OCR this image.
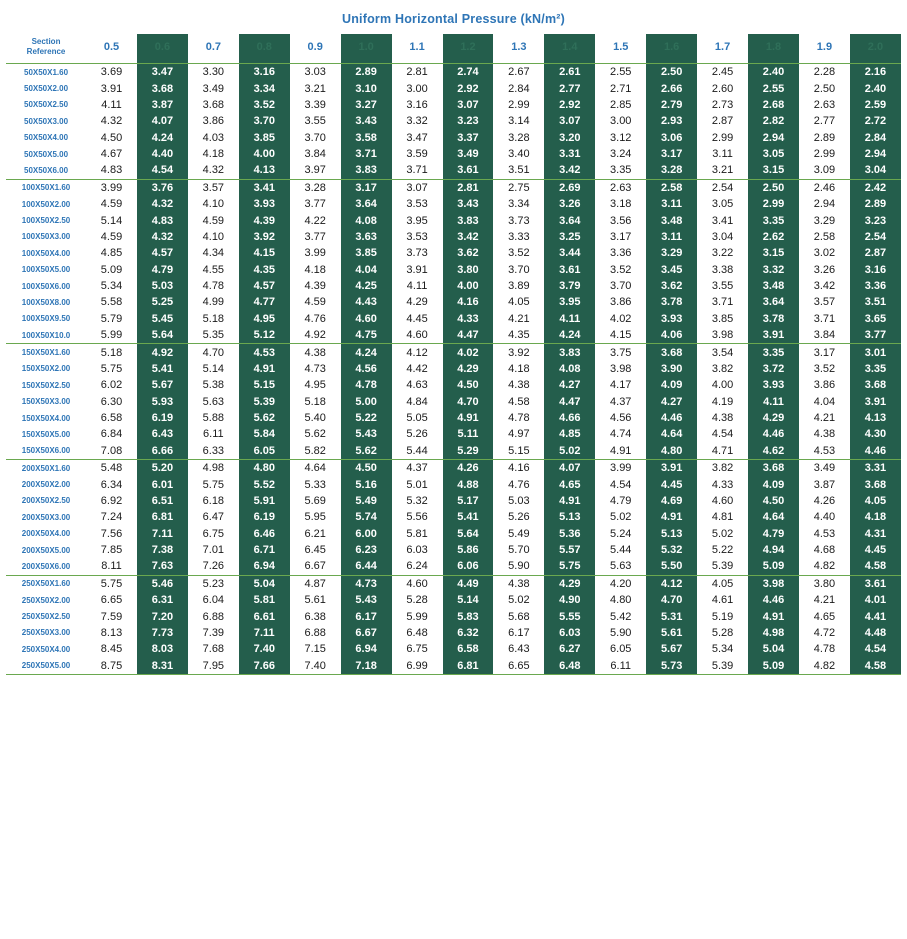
Uniform Horizontal Pressure (kN/m²)																

Section
Reference	0.5	0.6	0.7	0.8	0.9	1.0	1.1	1.2	1.3	1.4	1.5	1.6	1.7	1.8	1.9	2.0
50X50X1.60	3.69	3.47	3.30	3.16	3.03	2.89	2.81	2.74	2.67	2.61	2.55	2.50	2.45	2.40	2.28	2.16
50X50X2.00	3.91	3.68	3.49	3.34	3.21	3.10	3.00	2.92	2.84	2.77	2.71	2.66	2.60	2.55	2.50	2.40
50X50X2.50	4.11	3.87	3.68	3.52	3.39	3.27	3.16	3.07	2.99	2.92	2.85	2.79	2.73	2.68	2.63	2.59
50X50X3.00	4.32	4.07	3.86	3.70	3.55	3.43	3.32	3.23	3.14	3.07	3.00	2.93	2.87	2.82	2.77	2.72
50X50X4.00	4.50	4.24	4.03	3.85	3.70	3.58	3.47	3.37	3.28	3.20	3.12	3.06	2.99	2.94	2.89	2.84
50X50X5.00	4.67	4.40	4.18	4.00	3.84	3.71	3.59	3.49	3.40	3.31	3.24	3.17	3.11	3.05	2.99	2.94
50X50X6.00	4.83	4.54	4.32	4.13	3.97	3.83	3.71	3.61	3.51	3.42	3.35	3.28	3.21	3.15	3.09	3.04
100X50X1.60	3.99	3.76	3.57	3.41	3.28	3.17	3.07	2.81	2.75	2.69	2.63	2.58	2.54	2.50	2.46	2.42
100X50X2.00	4.59	4.32	4.10	3.93	3.77	3.64	3.53	3.43	3.34	3.26	3.18	3.11	3.05	2.99	2.94	2.89
100X50X2.50	5.14	4.83	4.59	4.39	4.22	4.08	3.95	3.83	3.73	3.64	3.56	3.48	3.41	3.35	3.29	3.23
100X50X3.00	4.59	4.32	4.10	3.92	3.77	3.63	3.53	3.42	3.33	3.25	3.17	3.11	3.04	2.62	2.58	2.54
100X50X4.00	4.85	4.57	4.34	4.15	3.99	3.85	3.73	3.62	3.52	3.44	3.36	3.29	3.22	3.15	3.02	2.87
100X50X5.00	5.09	4.79	4.55	4.35	4.18	4.04	3.91	3.80	3.70	3.61	3.52	3.45	3.38	3.32	3.26	3.16
100X50X6.00	5.34	5.03	4.78	4.57	4.39	4.25	4.11	4.00	3.89	3.79	3.70	3.62	3.55	3.48	3.42	3.36
100X50X8.00	5.58	5.25	4.99	4.77	4.59	4.43	4.29	4.16	4.05	3.95	3.86	3.78	3.71	3.64	3.57	3.51
100X50X9.50	5.79	5.45	5.18	4.95	4.76	4.60	4.45	4.33	4.21	4.11	4.02	3.93	3.85	3.78	3.71	3.65
100X50X10.0	5.99	5.64	5.35	5.12	4.92	4.75	4.60	4.47	4.35	4.24	4.15	4.06	3.98	3.91	3.84	3.77
150X50X1.60	5.18	4.92	4.70	4.53	4.38	4.24	4.12	4.02	3.92	3.83	3.75	3.68	3.54	3.35	3.17	3.01
150X50X2.00	5.75	5.41	5.14	4.91	4.73	4.56	4.42	4.29	4.18	4.08	3.98	3.90	3.82	3.72	3.52	3.35
150X50X2.50	6.02	5.67	5.38	5.15	4.95	4.78	4.63	4.50	4.38	4.27	4.17	4.09	4.00	3.93	3.86	3.68
150X50X3.00	6.30	5.93	5.63	5.39	5.18	5.00	4.84	4.70	4.58	4.47	4.37	4.27	4.19	4.11	4.04	3.91
150X50X4.00	6.58	6.19	5.88	5.62	5.40	5.22	5.05	4.91	4.78	4.66	4.56	4.46	4.38	4.29	4.21	4.13
150X50X5.00	6.84	6.43	6.11	5.84	5.62	5.43	5.26	5.11	4.97	4.85	4.74	4.64	4.54	4.46	4.38	4.30
150X50X6.00	7.08	6.66	6.33	6.05	5.82	5.62	5.44	5.29	5.15	5.02	4.91	4.80	4.71	4.62	4.53	4.46
200X50X1.60	5.48	5.20	4.98	4.80	4.64	4.50	4.37	4.26	4.16	4.07	3.99	3.91	3.82	3.68	3.49	3.31
200X50X2.00	6.34	6.01	5.75	5.52	5.33	5.16	5.01	4.88	4.76	4.65	4.54	4.45	4.33	4.09	3.87	3.68
200X50X2.50	6.92	6.51	6.18	5.91	5.69	5.49	5.32	5.17	5.03	4.91	4.79	4.69	4.60	4.50	4.26	4.05
200X50X3.00	7.24	6.81	6.47	6.19	5.95	5.74	5.56	5.41	5.26	5.13	5.02	4.91	4.81	4.64	4.40	4.18
200X50X4.00	7.56	7.11	6.75	6.46	6.21	6.00	5.81	5.64	5.49	5.36	5.24	5.13	5.02	4.79	4.53	4.31
200X50X5.00	7.85	7.38	7.01	6.71	6.45	6.23	6.03	5.86	5.70	5.57	5.44	5.32	5.22	4.94	4.68	4.45
200X50X6.00	8.11	7.63	7.26	6.94	6.67	6.44	6.24	6.06	5.90	5.75	5.63	5.50	5.39	5.09	4.82	4.58
250X50X1.60	5.75	5.46	5.23	5.04	4.87	4.73	4.60	4.49	4.38	4.29	4.20	4.12	4.05	3.98	3.80	3.61
250X50X2.00	6.65	6.31	6.04	5.81	5.61	5.43	5.28	5.14	5.02	4.90	4.80	4.70	4.61	4.46	4.21	4.01
250X50X2.50	7.59	7.20	6.88	6.61	6.38	6.17	5.99	5.83	5.68	5.55	5.42	5.31	5.19	4.91	4.65	4.41
250X50X3.00	8.13	7.73	7.39	7.11	6.88	6.67	6.48	6.32	6.17	6.03	5.90	5.61	5.28	4.98	4.72	4.48
250X50X4.00	8.45	8.03	7.68	7.40	7.15	6.94	6.75	6.58	6.43	6.27	6.05	5.67	5.34	5.04	4.78	4.54
250X50X5.00	8.75	8.31	7.95	7.66	7.40	7.18	6.99	6.81	6.65	6.48	6.11	5.73	5.39	5.09	4.82	4.58
